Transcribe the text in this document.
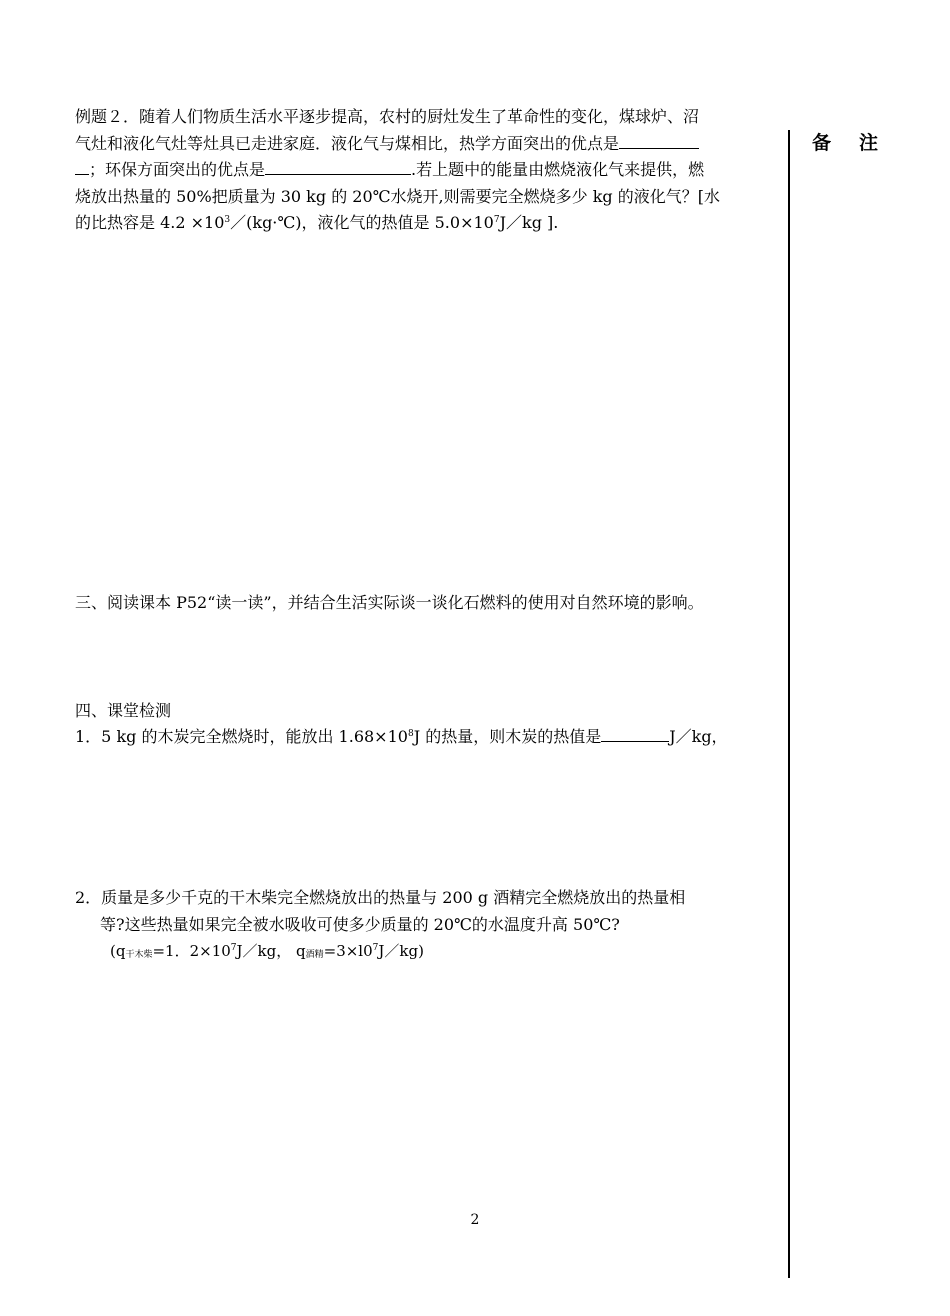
例题２．随着人们物质生活水平逐步提高，农村的厨灶发生了革命性的变化，煤球炉、沼

气灶和液化气灶等灶具已走进家庭．液化气与煤相比，热学方面突出的优点是

；环保方面突出的优点是	.若上题中的能量由燃烧液化气来提供，燃

烧放出热量的 50%把质量为 30 kg 的 20℃水烧开,则需要完全燃烧多少 kg 的液化气？[水

的比热容是 $4.2 \times 10^3/(kg\cdot℃)$，液化气的热值是 $5.0\times 10^7J/kg$ ].

三、阅读课本 P52“读一读”，并结合生活实际谈一谈化石燃料的使用对自然环境的影响。
四、课堂检测
1．5 kg 的木炭完全燃烧时，能放出 $1.68\times 10^8J$ 的热量，则木炭的热值是	J／kg，
2．质量是多少千克的干木柴完全燃烧放出的热量与 200 g 酒精完全燃烧放出的热量相
等?这些热量如果完全被水吸收可使多少质量的 20℃的水温度升高 50℃?
($q_{干木柴}=1$．$2\times 10^7J/kg$， $q_{酒精}=3\times l0^7J/kg$)
备 注
2
